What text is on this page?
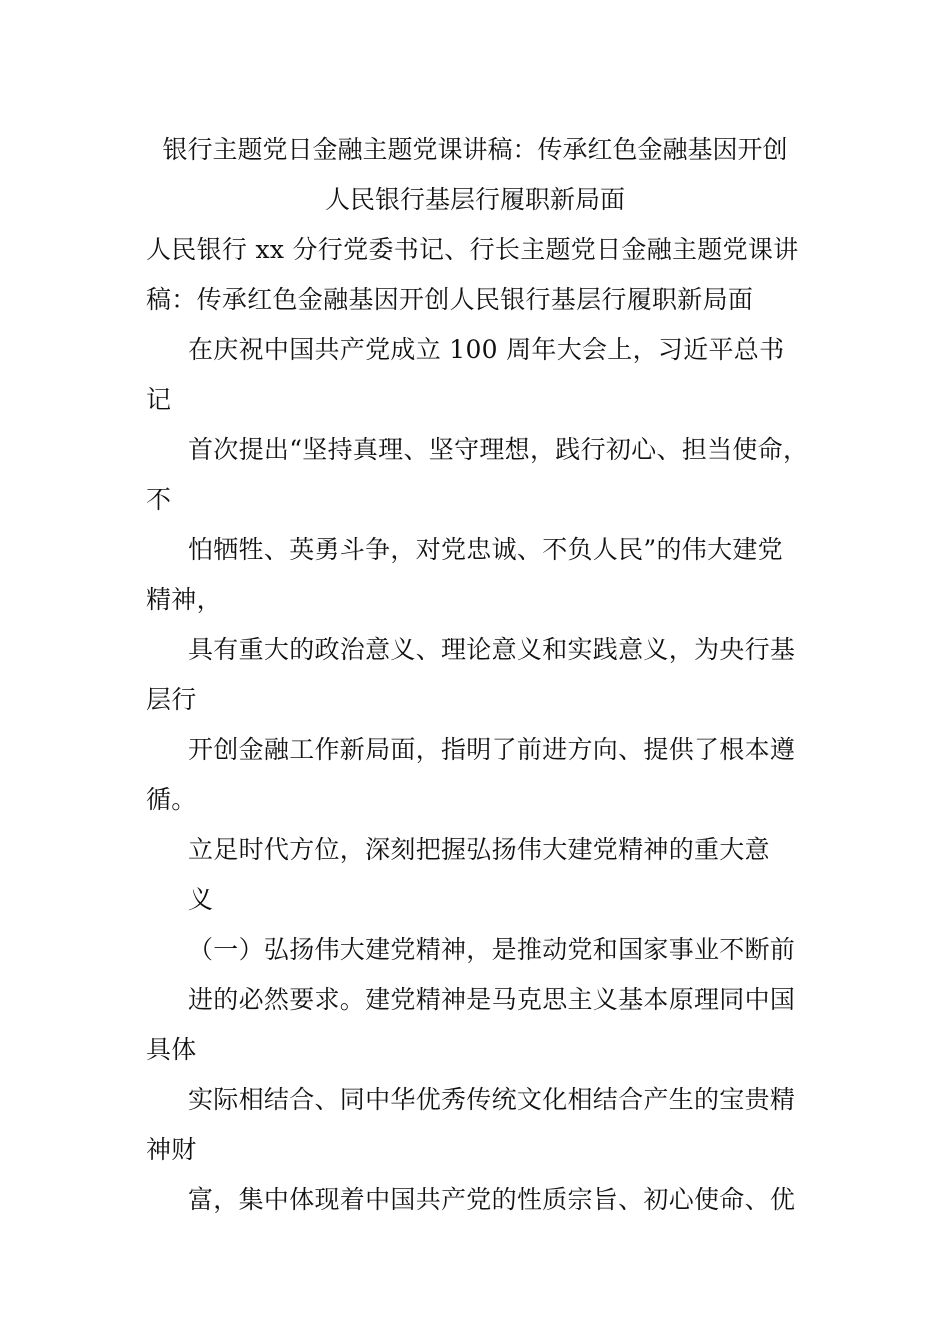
银行主题党日金融主题党课讲稿：传承红色金融基因开创
人民银行基层行履职新局面
人民银行 xx 分行党委书记、行长主题党日金融主题党课讲
稿：传承红色金融基因开创人民银行基层行履职新局面
在庆祝中国共产党成立 100 周年大会上，习近平总书
记
首次提出“坚持真理、坚守理想，践行初心、担当使命，
不
怕牺牲、英勇斗争，对党忠诚、不负人民”的伟大建党
精神，
具有重大的政治意义、理论意义和实践意义，为央行基
层行
开创金融工作新局面，指明了前进方向、提供了根本遵
循。
立足时代方位，深刻把握弘扬伟大建党精神的重大意
义
（一）弘扬伟大建党精神，是推动党和国家事业不断前
进的必然要求。建党精神是马克思主义基本原理同中国
具体
实际相结合、同中华优秀传统文化相结合产生的宝贵精
神财
富，集中体现着中国共产党的性质宗旨、初心使命、优
